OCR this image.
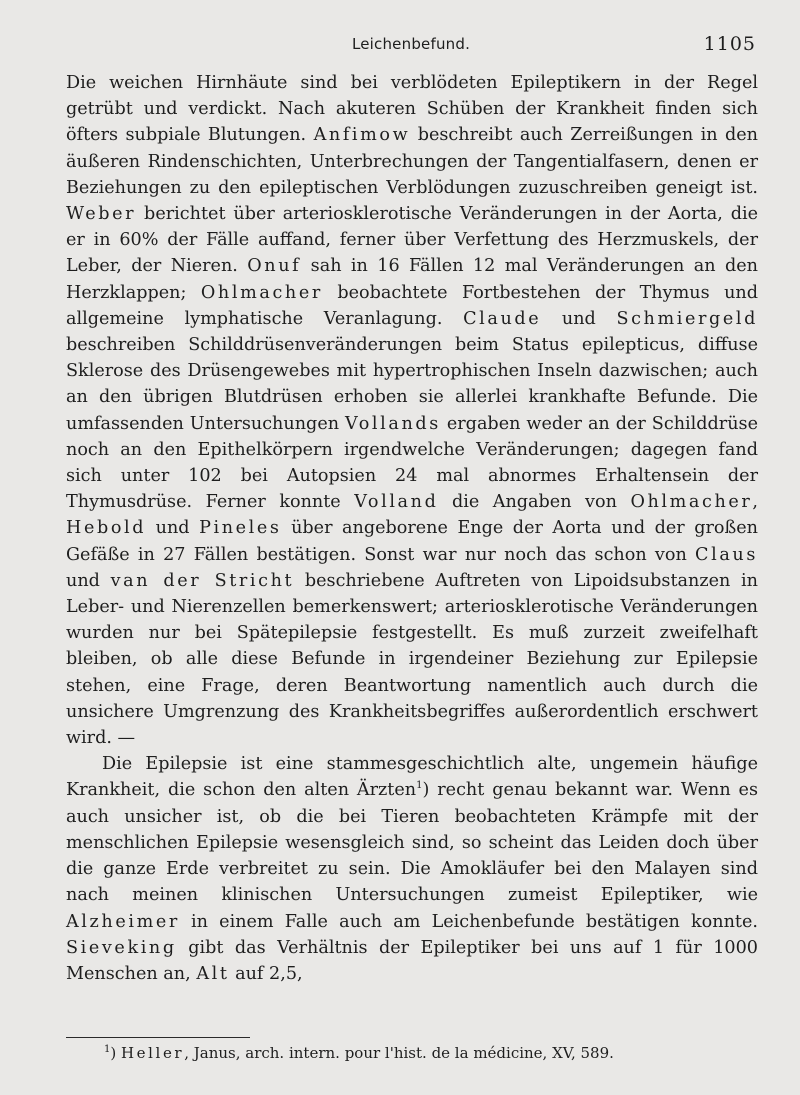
Leichenbefund.	1105

Die weichen Hirnhäute sind bei verblödeten Epileptikern in der Regel getrübt und verdickt. Nach akuteren Schüben der Krankheit finden sich öfters subpiale Blutungen. Anfimow beschreibt auch Zerreißungen in den äußeren Rindenschichten, Unterbrechungen der Tangentialfasern, denen er Beziehungen zu den epileptischen Verblödungen zuzuschreiben geneigt ist. Weber berichtet über arteriosklerotische Veränderungen in der Aorta, die er in 60% der Fälle auffand, ferner über Verfettung des Herzmuskels, der Leber, der Nieren. Onuf sah in 16 Fällen 12 mal Veränderungen an den Herzklappen; Ohlmacher beobachtete Fortbestehen der Thymus und allgemeine lymphatische Veranlagung. Claude und Schmiergeld beschreiben Schilddrüsenveränderungen beim Status epilepticus, diffuse Sklerose des Drüsengewebes mit hypertrophischen Inseln dazwischen; auch an den übrigen Blutdrüsen erhoben sie allerlei krankhafte Befunde. Die umfassenden Untersuchungen Vollands ergaben weder an der Schilddrüse noch an den Epithelkörpern irgendwelche Veränderungen; dagegen fand sich unter 102 bei Autopsien 24 mal abnormes Erhaltensein der Thymusdrüse. Ferner konnte Volland die Angaben von Ohlmacher, Hebold und Pineles über angeborene Enge der Aorta und der großen Gefäße in 27 Fällen bestätigen. Sonst war nur noch das schon von Claus und van der Stricht beschriebene Auftreten von Lipoidsubstanzen in Leber- und Nierenzellen bemerkenswert; arteriosklerotische Veränderungen wurden nur bei Spätepilepsie festgestellt. Es muß zurzeit zweifelhaft bleiben, ob alle diese Befunde in irgendeiner Beziehung zur Epilepsie stehen, eine Frage, deren Beantwortung namentlich auch durch die unsichere Umgrenzung des Krankheitsbegriffes außerordentlich erschwert wird. —

Die Epilepsie ist eine stammesgeschichtlich alte, ungemein häufige Krankheit, die schon den alten Ärzten$^1$) recht genau bekannt war. Wenn es auch unsicher ist, ob die bei Tieren beobachteten Krämpfe mit der menschlichen Epilepsie wesensgleich sind, so scheint das Leiden doch über die ganze Erde verbreitet zu sein. Die Amokläufer bei den Malayen sind nach meinen klinischen Untersuchungen zumeist Epileptiker, wie Alzheimer in einem Falle auch am Leichenbefunde bestätigen konnte. Sieveking gibt das Verhältnis der Epileptiker bei uns auf 1 für 1000 Menschen an, Alt auf 2,5,

$^1$) Heller, Janus, arch. intern. pour l'hist. de la médicine, XV, 589.
